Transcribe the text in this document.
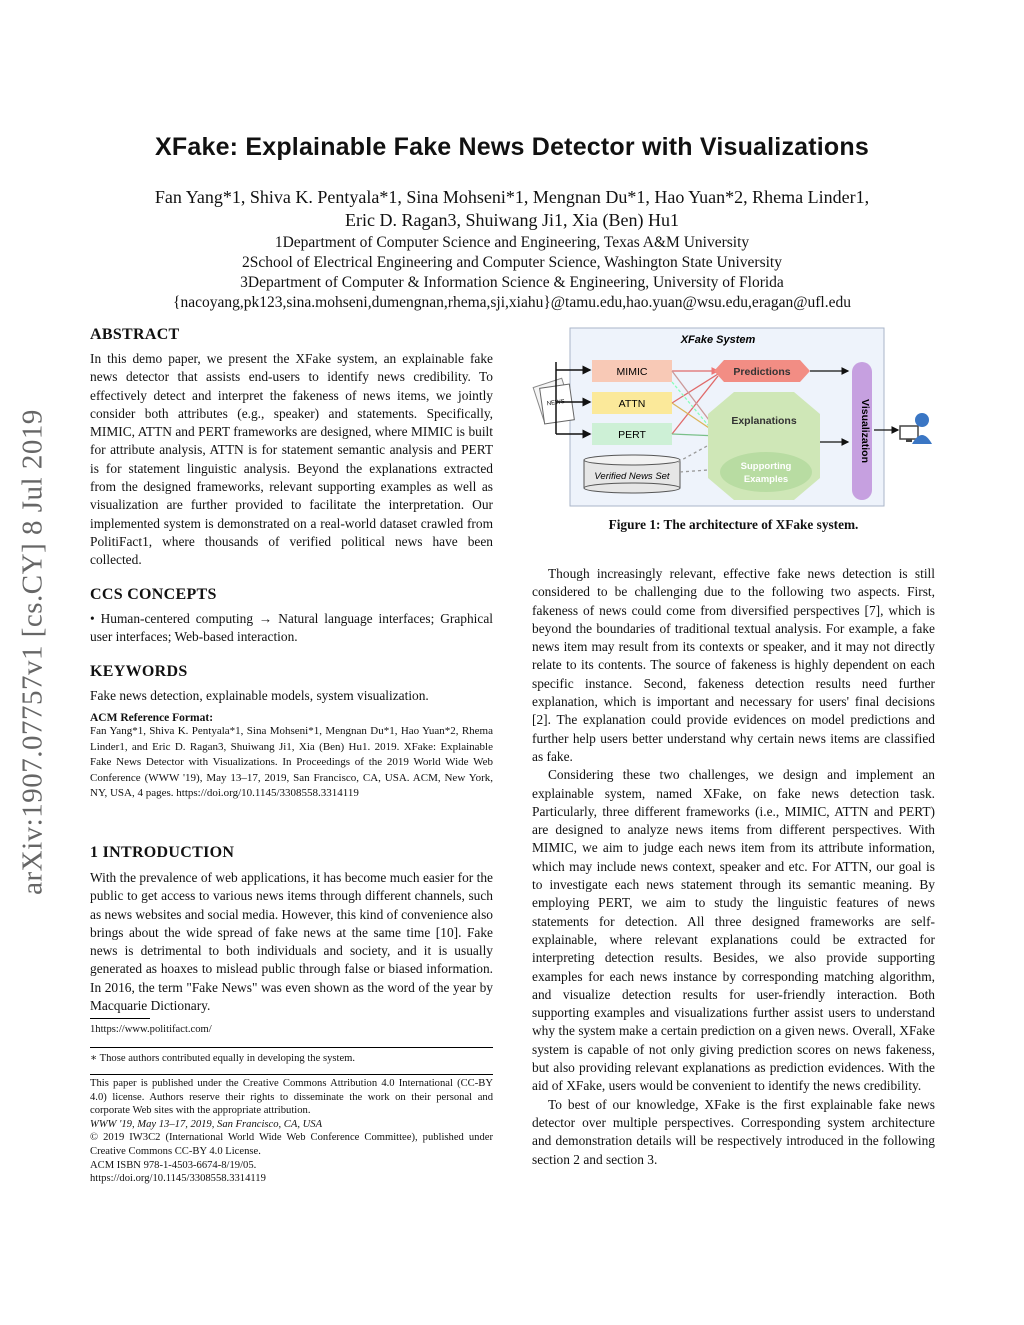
arXiv:1907.07757v1 [cs.CY] 8 Jul 2019
XFake: Explainable Fake News Detector with Visualizations
Fan Yang*1, Shiva K. Pentyala*1, Sina Mohseni*1, Mengnan Du*1, Hao Yuan*2, Rhema Linder1,
Eric D. Ragan3, Shuiwang Ji1, Xia (Ben) Hu1
1Department of Computer Science and Engineering, Texas A&M University
2School of Electrical Engineering and Computer Science, Washington State University
3Department of Computer & Information Science & Engineering, University of Florida
{nacoyang,pk123,sina.mohseni,dumengnan,rhema,sji,xiahu}@tamu.edu,hao.yuan@wsu.edu,eragan@ufl.edu
ABSTRACT
In this demo paper, we present the XFake system, an explainable fake news detector that assists end-users to identify news credibility. To effectively detect and interpret the fakeness of news items, we jointly consider both attributes (e.g., speaker) and statements. Specifically, MIMIC, ATTN and PERT frameworks are designed, where MIMIC is built for attribute analysis, ATTN is for statement semantic analysis and PERT is for statement linguistic analysis. Beyond the explanations extracted from the designed frameworks, relevant supporting examples as well as visualization are further provided to facilitate the interpretation. Our implemented system is demonstrated on a real-world dataset crawled from PolitiFact1, where thousands of verified political news have been collected.
CCS CONCEPTS
• Human-centered computing → Natural language interfaces; Graphical user interfaces; Web-based interaction.
KEYWORDS
Fake news detection, explainable models, system visualization.
ACM Reference Format:
Fan Yang*1, Shiva K. Pentyala*1, Sina Mohseni*1, Mengnan Du*1, Hao Yuan*2, Rhema Linder1, and Eric D. Ragan3, Shuiwang Ji1, Xia (Ben) Hu1. 2019. XFake: Explainable Fake News Detector with Visualizations. In Proceedings of the 2019 World Wide Web Conference (WWW '19), May 13–17, 2019, San Francisco, CA, USA. ACM, New York, NY, USA, 4 pages. https://doi.org/10.1145/3308558.3314119
1 INTRODUCTION
With the prevalence of web applications, it has become much easier for the public to get access to various news items through different channels, such as news websites and social media. However, this kind of convenience also brings about the wide spread of fake news at the same time [10]. Fake news is detrimental to both individuals and society, and it is usually generated as hoaxes to mislead public through false or biased information. In 2016, the term "Fake News" was even shown as the word of the year by Macquarie Dictionary.
1https://www.politifact.com/
∗ Those authors contributed equally in developing the system.
This paper is published under the Creative Commons Attribution 4.0 International (CC-BY 4.0) license. Authors reserve their rights to disseminate the work on their personal and corporate Web sites with the appropriate attribution.
WWW '19, May 13–17, 2019, San Francisco, CA, USA
© 2019 IW3C2 (International World Wide Web Conference Committee), published under Creative Commons CC-BY 4.0 License.
ACM ISBN 978-1-4503-6674-8/19/05.
https://doi.org/10.1145/3308558.3314119
XFake System
NEWS
MIMIC
ATTN
PERT
Verified News Set
Predictions
Explanations
Supporting
Examples
Visualization
Figure 1: The architecture of XFake system.

Though increasingly relevant, effective fake news detection is still considered to be challenging due to the following two aspects. First, fakeness of news could come from diversified perspectives [7], which is beyond the boundaries of traditional textual analysis. For example, a fake news item may result from its contexts or speaker, and it may not directly relate to its contents. The source of fakeness is highly dependent on each specific instance. Second, fakeness detection results need further explanation, which is important and necessary for users' final decisions [2]. The explanation could provide evidences on model predictions and further help users better understand why certain news items are classified as fake.

Considering these two challenges, we design and implement an explainable system, named XFake, on fake news detection task. Particularly, three different frameworks (i.e., MIMIC, ATTN and PERT) are designed to analyze news items from different perspectives. With MIMIC, we aim to judge each news item from its attribute information, which may include news context, speaker and etc. For ATTN, our goal is to investigate each news statement through its semantic meaning. By employing PERT, we aim to study the linguistic features of news statements for detection. All three designed frameworks are self-explainable, where relevant explanations could be extracted for interpreting detection results. Besides, we also provide supporting examples for each news instance by corresponding matching algorithm, and visualize detection results for user-friendly interaction. Both supporting examples and visualizations further assist users to understand why the system make a certain prediction on a given news. Overall, XFake system is capable of not only giving prediction scores on news fakeness, but also providing relevant explanations as prediction evidences. With the aid of XFake, users would be convenient to identify the news credibility.

To best of our knowledge, XFake is the first explainable fake news detector over multiple perspectives. Corresponding system architecture and demonstration details will be respectively introduced in the following section 2 and section 3.
